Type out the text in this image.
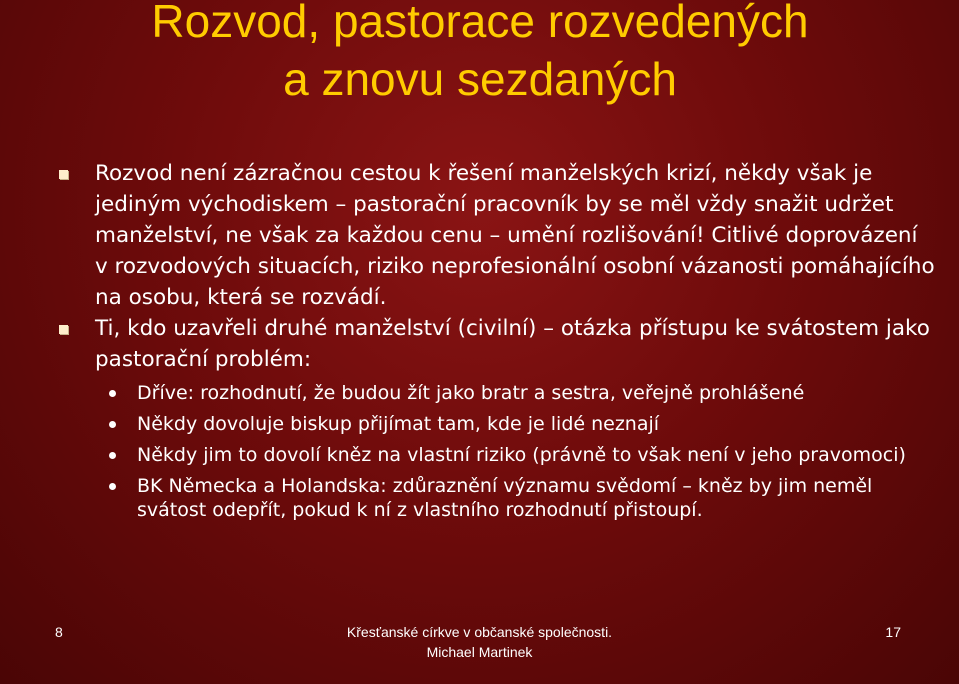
Rozvod, pastorace rozvedených
a znovu sezdaných
Rozvod není zázračnou cestou k řešení manželských krizí, někdy však je jediným východiskem – pastorační pracovník by se měl vždy snažit udržet manželství, ne však za každou cenu – umění rozlišování! Citlivé doprovázení v rozvodových situacích, riziko neprofesionální osobní vázanosti pomáhajícího na osobu, která se rozvádí.
Ti, kdo uzavřeli druhé manželství (civilní) – otázka přístupu ke svátostem jako pastorační problém:
Dříve: rozhodnutí, že budou žít jako bratr a sestra, veřejně prohlášené
Někdy dovoluje biskup přijímat tam, kde je lidé neznají
Někdy jim to dovolí kněz na vlastní riziko (právně to však není v jeho pravomoci)
BK Německa a Holandska: zdůraznění významu svědomí – kněz by jim neměl svátost odepřít, pokud k ní z vlastního rozhodnutí přistoupí.
8	Křesťanské církve v občanské společnosti.
Michael Martinek
17
